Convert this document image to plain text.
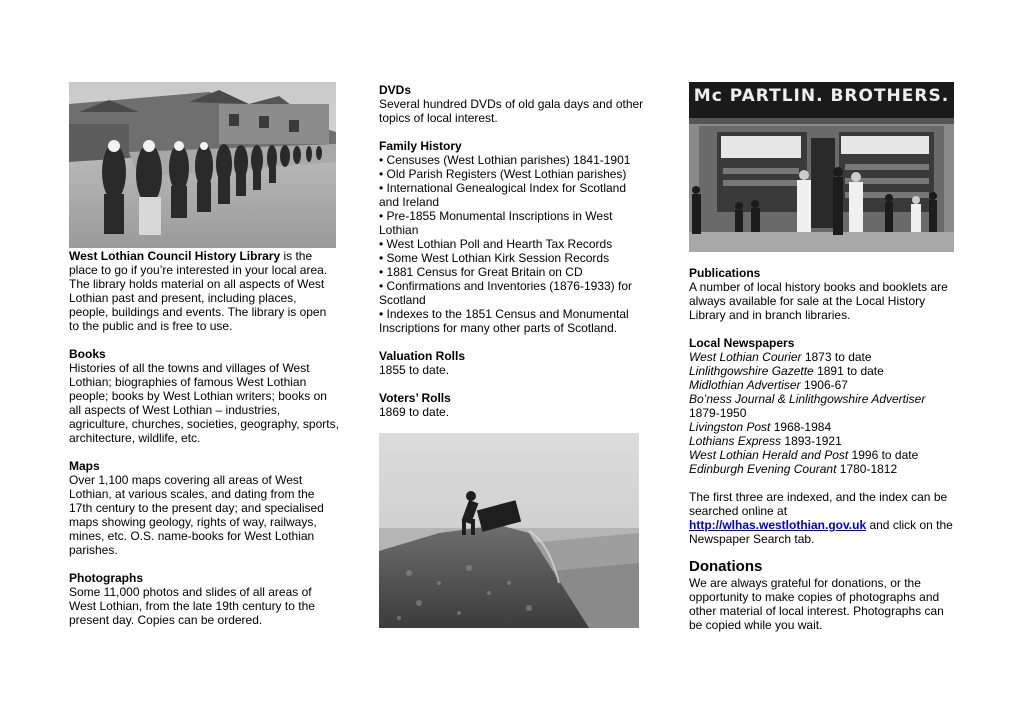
West Lothian Council History Library is the place to go if you’re interested in your local area. The library holds material on all aspects of West Lothian past and present, including places, people, buildings and events. The library is open to the public and is free to use.

Books
Histories of all the towns and villages of West Lothian; biographies of famous West Lothian people; books by West Lothian writers; books on all aspects of West Lothian – industries, agriculture, churches, societies, geography, sports, architecture, wildlife, etc.

Maps
Over 1,100 maps covering all areas of West Lothian, at various scales, and dating from the 17th century to the present day; and specialised maps showing geology, rights of way, railways, mines, etc. O.S. name-books for West Lothian parishes.

Photographs
Some 11,000 photos and slides of all areas of West Lothian, from the late 19th century to the present day. Copies can be ordered.

DVDs
Several hundred DVDs of old gala days and other topics of local interest.

Family History
• Censuses (West Lothian parishes) 1841-1901
• Old Parish Registers (West Lothian parishes)
• International Genealogical Index for Scotland and Ireland
• Pre-1855 Monumental Inscriptions in West Lothian
• West Lothian Poll and Hearth Tax Records
• Some West Lothian Kirk Session Records
• 1881 Census for Great Britain on CD
• Confirmations and Inventories (1876-1933) for Scotland
• Indexes to the 1851 Census and Monumental Inscriptions for many other parts of Scotland.

Valuation Rolls
1855 to date.

Voters’ Rolls
1869 to date.

Mc PARTLIN. BROTHERS.

Publications
A number of local history books and booklets are always available for sale at the Local History Library and in branch libraries.

Local Newspapers
West Lothian Courier 1873 to date
Linlithgowshire Gazette 1891 to date
Midlothian Advertiser 1906-67
Bo’ness Journal & Linlithgowshire Advertiser 1879-1950
Livingston Post 1968-1984
Lothians Express 1893-1921
West Lothian Herald and Post 1996 to date
Edinburgh Evening Courant 1780-1812

The first three are indexed, and the index can be searched online at http://wlhas.westlothian.gov.uk and click on the Newspaper Search tab.

Donations
We are always grateful for donations, or the opportunity to make copies of photographs and other material of local interest. Photographs can be copied while you wait.
